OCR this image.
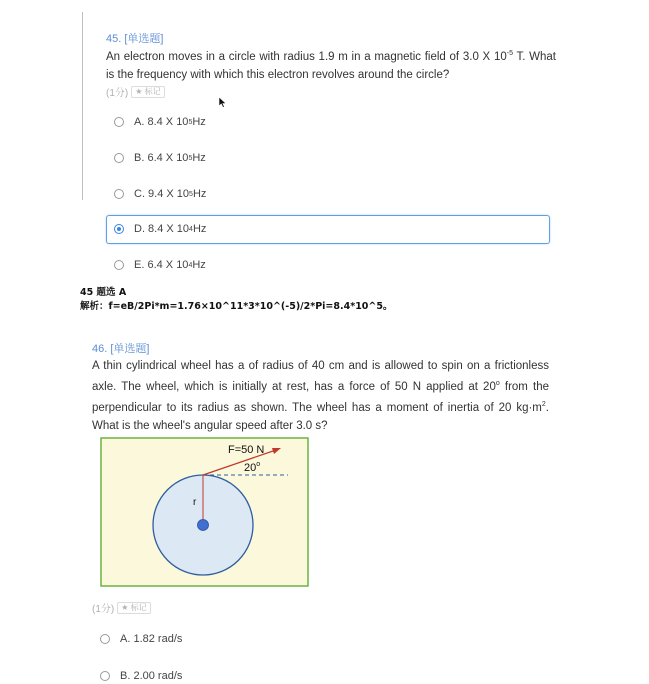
45. [单选题]
An electron moves in a circle with radius 1.9 m in a magnetic field of 3.0 X $10^{-5}$ T. What is the frequency with which this electron revolves around the circle?
(1分) ★ 标记
A. 8.4 X 10 5 Hz
B. 6.4 X 10 5 Hz
C. 9.4 X 10 5 Hz
D. 8.4 X 10 4 Hz
E. 6.4 X 10 4 Hz
45 题选 A
解析：f=eB/2Pi*m=1.76×10^11*3*10^(-5)/2*Pi=8.4*10^5。
46. [单选题]
A thin cylindrical wheel has a of radius of 40 cm and is allowed to spin on a frictionless axle. The wheel, which is initially at rest, has a force of 50 N applied at 20$^o$ from the perpendicular to its radius as shown. The wheel has a moment of inertia of 20 $kg\cdot m^2$. What is the wheel's angular speed after 3.0 s?
F=50 N
20$^o$
r
(1分) ★ 标记
A. 1.82 rad/s
B. 2.00 rad/s
